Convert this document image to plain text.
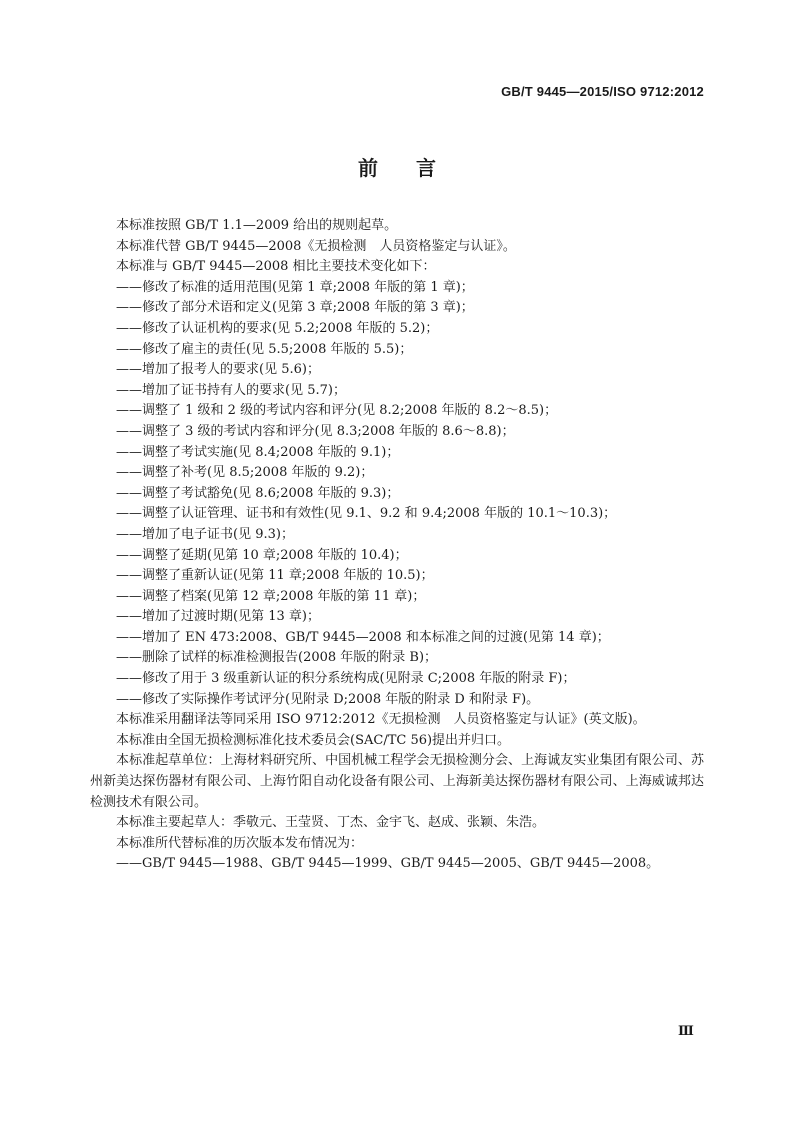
GB/T 9445—2015/ISO 9712:2012
前言

本标准按照 GB/T 1.1—2009 给出的规则起草。

本标准代替 GB/T 9445—2008《无损检测　人员资格鉴定与认证》。

本标准与 GB/T 9445—2008 相比主要技术变化如下：

——修改了标准的适用范围(见第 1 章;2008 年版的第 1 章)；
——修改了部分术语和定义(见第 3 章;2008 年版的第 3 章)；
——修改了认证机构的要求(见 5.2;2008 年版的 5.2)；
——修改了雇主的责任(见 5.5;2008 年版的 5.5)；
——增加了报考人的要求(见 5.6)；
——增加了证书持有人的要求(见 5.7)；
——调整了 1 级和 2 级的考试内容和评分(见 8.2;2008 年版的 8.2～8.5)；
——调整了 3 级的考试内容和评分(见 8.3;2008 年版的 8.6～8.8)；
——调整了考试实施(见 8.4;2008 年版的 9.1)；
——调整了补考(见 8.5;2008 年版的 9.2)；
——调整了考试豁免(见 8.6;2008 年版的 9.3)；
——调整了认证管理、证书和有效性(见 9.1、9.2 和 9.4;2008 年版的 10.1～10.3)；
——增加了电子证书(见 9.3)；
——调整了延期(见第 10 章;2008 年版的 10.4)；
——调整了重新认证(见第 11 章;2008 年版的 10.5)；
——调整了档案(见第 12 章;2008 年版的第 11 章)；
——增加了过渡时期(见第 13 章)；
——增加了 EN 473:2008、GB/T 9445—2008 和本标准之间的过渡(见第 14 章)；
——删除了试样的标准检测报告(2008 年版的附录 B)；
——修改了用于 3 级重新认证的积分系统构成(见附录 C;2008 年版的附录 F)；
——修改了实际操作考试评分(见附录 D;2008 年版的附录 D 和附录 F)。

本标准采用翻译法等同采用 ISO 9712:2012《无损检测　人员资格鉴定与认证》(英文版)。

本标准由全国无损检测标准化技术委员会(SAC/TC 56)提出并归口。

本标准起草单位：上海材料研究所、中国机械工程学会无损检测分会、上海诚友实业集团有限公司、苏州新美达探伤器材有限公司、上海竹阳自动化设备有限公司、上海新美达探伤器材有限公司、上海威诚邦达检测技术有限公司。

本标准主要起草人：季敬元、王莹贤、丁杰、金宇飞、赵成、张颖、朱浩。

本标准所代替标准的历次版本发布情况为：

——GB/T 9445—1988、GB/T 9445—1999、GB/T 9445—2005、GB/T 9445—2008。
Ⅲ
